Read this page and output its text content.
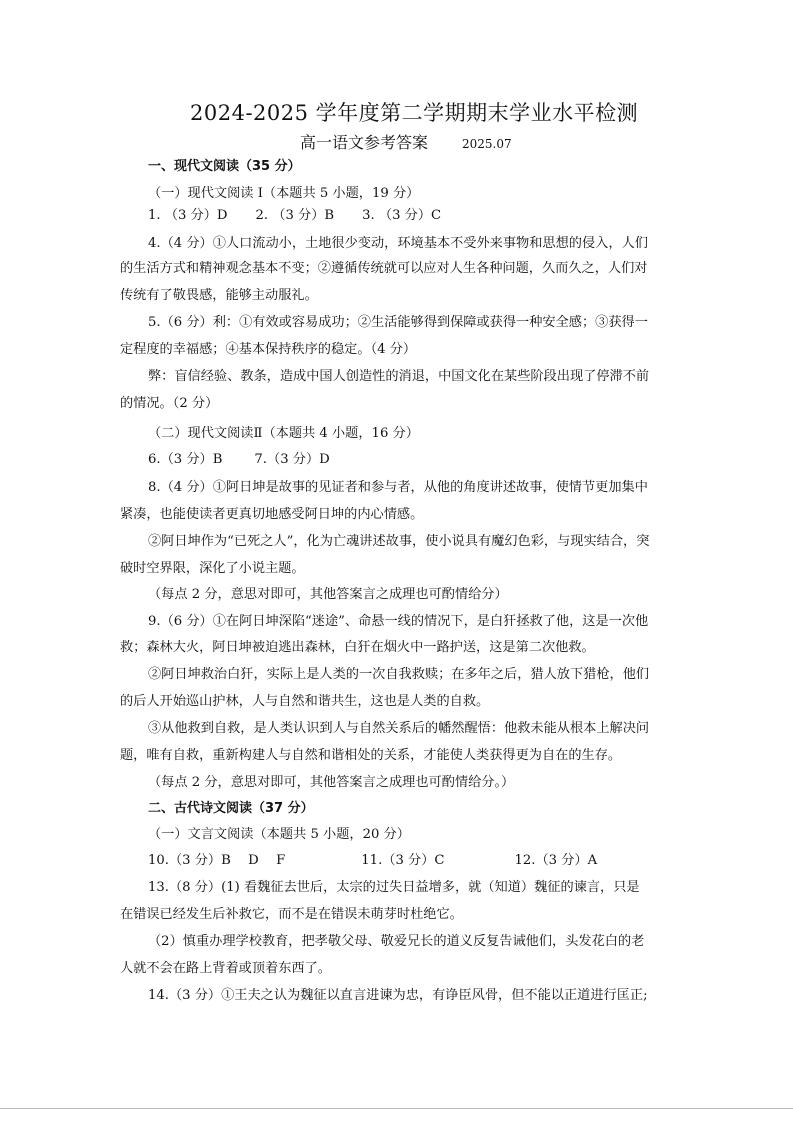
2024-2025 学年度第二学期期末学业水平检测
高一语文参考答案	2025.07
一、现代文阅读（35 分）
（一）现代文阅读 I（本题共 5 小题，19 分）
1. （3 分）D 2. （3 分）B 3. （3 分）C
4.（4 分）①人口流动小，土地很少变动，环境基本不受外来事物和思想的侵入，人们
的生活方式和精神观念基本不变；②遵循传统就可以应对人生各种问题，久而久之，人们对
传统有了敬畏感，能够主动服礼。
5.（6 分）利：①有效或容易成功；②生活能够得到保障或获得一种安全感；③获得一
定程度的幸福感；④基本保持秩序的稳定。（4 分）
弊：盲信经验、教条，造成中国人创造性的消退，中国文化在某些阶段出现了停滞不前
的情况。（2 分）
（二）现代文阅读Ⅱ（本题共 4 小题，16 分）
6.（3 分）B 7.（3 分）D
8.（4 分）①阿日坤是故事的见证者和参与者，从他的角度讲述故事，使情节更加集中
紧凑，也能使读者更真切地感受阿日坤的内心情感。
②阿日坤作为“已死之人”，化为亡魂讲述故事，使小说具有魔幻色彩，与现实结合，突
破时空界限，深化了小说主题。
（每点 2 分，意思对即可，其他答案言之成理也可酌情给分）
9.（6 分）①在阿日坤深陷“迷途”、命悬一线的情况下，是白犴拯救了他，这是一次他
救；森林大火，阿日坤被迫逃出森林，白犴在烟火中一路护送，这是第二次他救。
②阿日坤救治白犴，实际上是人类的一次自我救赎；在多年之后，猎人放下猎枪，他们
的后人开始巡山护林，人与自然和谐共生，这也是人类的自救。
③从他救到自救，是人类认识到人与自然关系后的幡然醒悟：他救未能从根本上解决问
题，唯有自救，重新构建人与自然和谐相处的关系，才能使人类获得更为自在的生存。
（每点 2 分，意思对即可，其他答案言之成理也可酌情给分。）
二、古代诗文阅读（37 分）
（一）文言文阅读（本题共 5 小题，20 分）
10.（3 分）B　 D　 F	11.（3 分）C	12.（3 分）A
13.（8 分）(1) 看魏征去世后，太宗的过失日益增多，就（知道）魏征的谏言，只是
在错误已经发生后补救它，而不是在错误未萌芽时杜绝它。
（2）慎重办理学校教育，把孝敬父母、敬爱兄长的道义反复告诫他们，头发花白的老
人就不会在路上背着或顶着东西了。
14.（3 分）①王夫之认为魏征以直言进谏为忠，有诤臣风骨，但不能以正道进行匡正;
